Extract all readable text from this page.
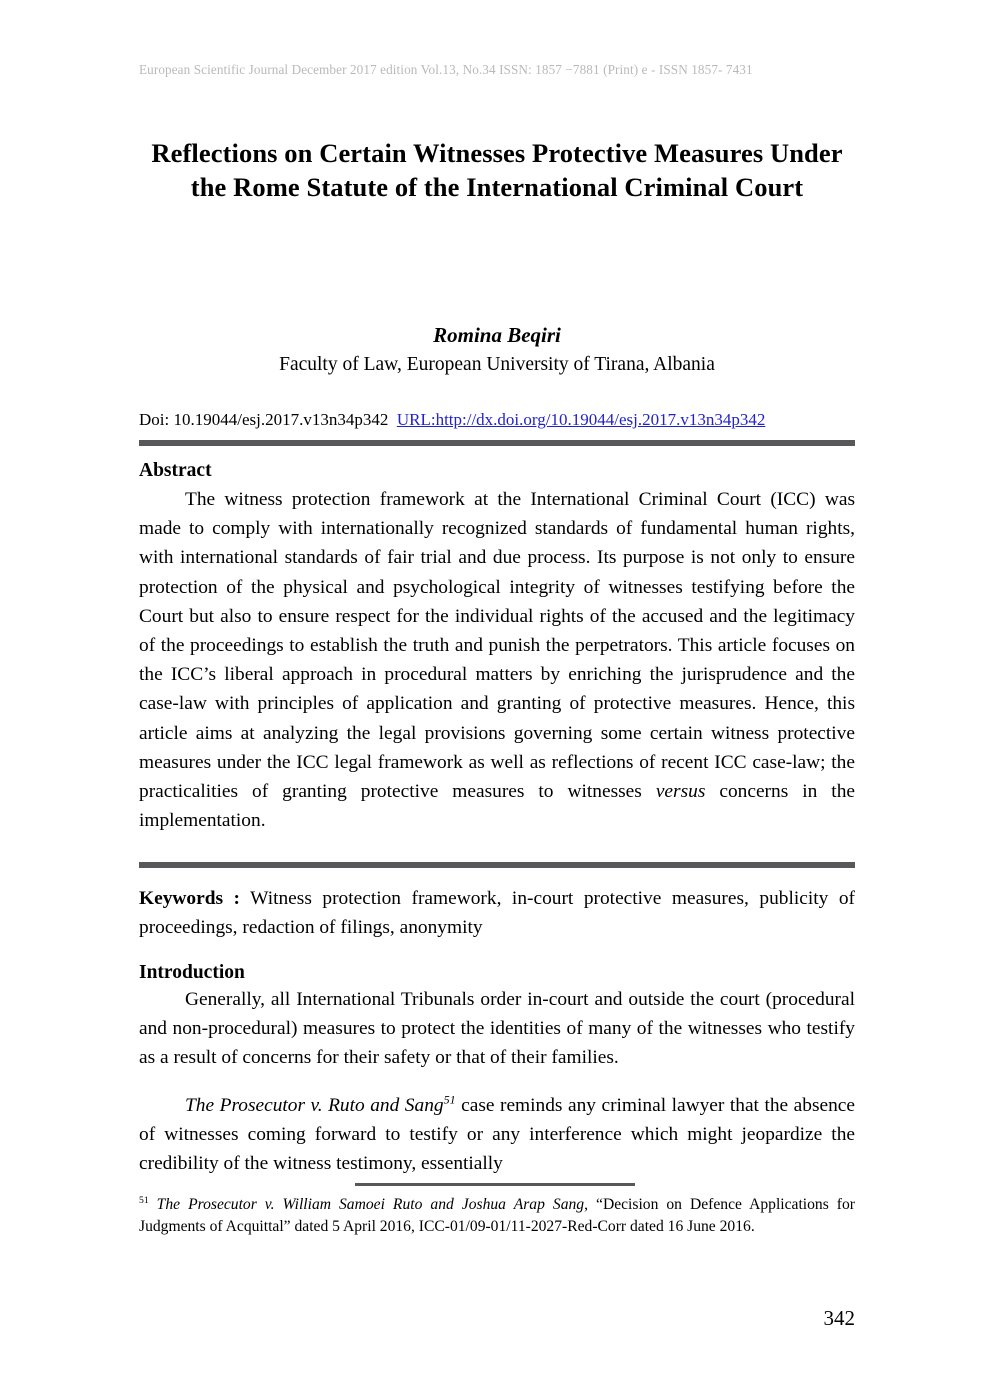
European Scientific Journal December 2017 edition Vol.13, No.34 ISSN: 1857 −7881 (Print) e - ISSN 1857- 7431
Reflections on Certain Witnesses Protective Measures Under the Rome Statute of the International Criminal Court

Romina Beqiri

Faculty of Law, European University of Tirana, Albania

Doi: 10.19044/esj.2017.v13n34p342 URL:http://dx.doi.org/10.19044/esj.2017.v13n34p342
Abstract

The witness protection framework at the International Criminal Court (ICC) was made to comply with internationally recognized standards of fundamental human rights, with international standards of fair trial and due process. Its purpose is not only to ensure protection of the physical and psychological integrity of witnesses testifying before the Court but also to ensure respect for the individual rights of the accused and the legitimacy of the proceedings to establish the truth and punish the perpetrators. This article focuses on the ICC’s liberal approach in procedural matters by enriching the jurisprudence and the case-law with principles of application and granting of protective measures. Hence, this article aims at analyzing the legal provisions governing some certain witness protective measures under the ICC legal framework as well as reflections of recent ICC case-law; the practicalities of granting protective measures to witnesses versus concerns in the implementation.

Keywords : Witness protection framework, in-court protective measures, publicity of proceedings, redaction of filings, anonymity

Introduction

Generally, all International Tribunals order in-court and outside the court (procedural and non-procedural) measures to protect the identities of many of the witnesses who testify as a result of concerns for their safety or that of their families.

The Prosecutor v. Ruto and Sang$^{51}$ case reminds any criminal lawyer that the absence of witnesses coming forward to testify or any interference which might jeopardize the credibility of the witness testimony, essentially

$^{51}$ The Prosecutor v. William Samoei Ruto and Joshua Arap Sang, “Decision on Defence Applications for Judgments of Acquittal” dated 5 April 2016, ICC-01/09-01/11-2027-Red-Corr dated 16 June 2016.

342
